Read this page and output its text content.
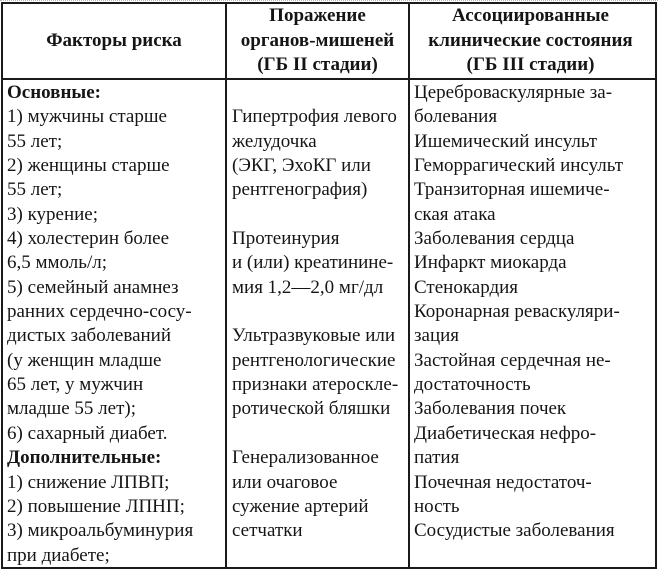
Факторы риска
Поражение
органов-мишеней
(ГБ II стадии)
Ассоциированные
клинические состояния
(ГБ III стадии)
Основные:
1) мужчины старше
55 лет;
2) женщины старше
55 лет;
3) курение;
4) холестерин более
6,5 ммоль/л;
5) семейный анамнез
ранних сердечно-сосу-
дистых заболеваний
(у женщин младше
65 лет, у мужчин
младше 55 лет);
6) сахарный диабет.
Дополнительные:
1) снижение ЛПВП;
2) повышение ЛПНП;
3) микроальбуминурия
при диабете;
Гипертрофия левого
желудочка
(ЭКГ, ЭхоКГ или
рентгенография)
Протеинурия
и (или) креатинине-
мия 1,2—2,0 мг/дл
Ультразвуковые или
рентгенологические
признаки атероскле-
ротической бляшки
Генерализованное
или очаговое
сужение артерий
сетчатки
Цереброваскулярные за-
болевания
Ишемический инсульт
Геморрагический инсульт
Транзиторная ишемиче-
ская атака
Заболевания сердца
Инфаркт миокарда
Стенокардия
Коронарная реваскуляри-
зация
Застойная сердечная не-
достаточность
Заболевания почек
Диабетическая нефро-
патия
Почечная недостаточ-
ность
Сосудистые заболевания
